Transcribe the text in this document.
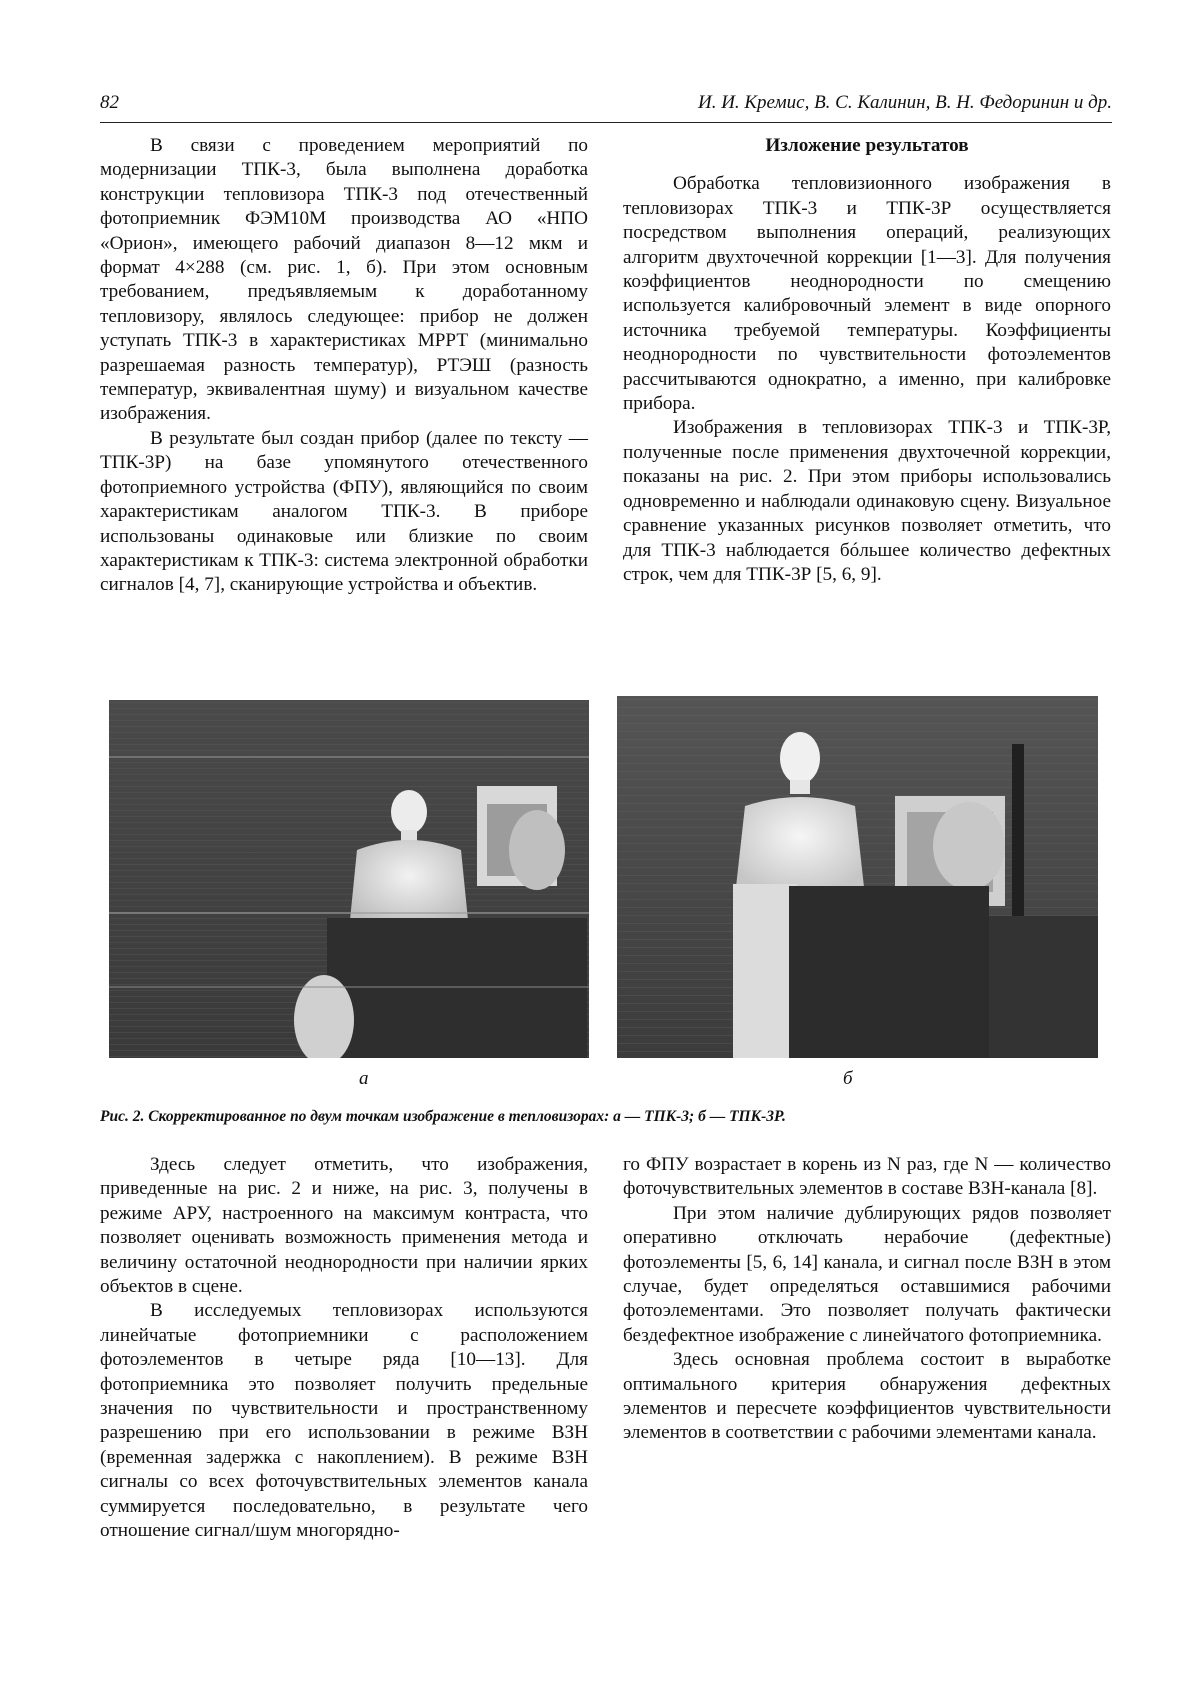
82	И. И. Кремис, В. С. Калинин, В. Н. Федоринин и др.

В связи с проведением мероприятий по модернизации ТПК-3, была выполнена доработка конструкции тепловизора ТПК-3 под отечественный фотоприемник ФЭМ10М производства АО «НПО «Орион», имеющего рабочий диапазон 8—12 мкм и формат 4×288 (см. рис. 1, б). При этом основным требованием, предъявляемым к доработанному тепловизору, являлось следующее: прибор не должен уступать ТПК-3 в характеристиках МРРТ (минимально разрешаемая разность температур), РТЭШ (разность температур, эквивалентная шуму) и визуальном качестве изображения.

В результате был создан прибор (далее по тексту — ТПК-3Р) на базе упомянутого отечественного фотоприемного устройства (ФПУ), являющийся по своим характеристикам аналогом ТПК-3. В приборе использованы одинаковые или близкие по своим характеристикам к ТПК-3: система электронной обработки сигналов [4, 7], сканирующие устройства и объектив.

Изложение результатов

Обработка тепловизионного изображения в тепловизорах ТПК-3 и ТПК-3Р осуществляется посредством выполнения операций, реализующих алгоритм двухточечной коррекции [1—3]. Для получения коэффициентов неоднородности по смещению используется калибровочный элемент в виде опорного источника требуемой температуры. Коэффициенты неоднородности по чувствительности фотоэлементов рассчитываются однократно, а именно, при калибровке прибора.

Изображения в тепловизорах ТПК-3 и ТПК-3Р, полученные после применения двухточечной коррекции, показаны на рис. 2. При этом приборы использовались одновременно и наблюдали одинаковую сцену. Визуальное сравнение указанных рисунков позволяет отметить, что для ТПК-3 наблюдается бóльшее количество дефектных строк, чем для ТПК-3Р [5, 6, 9].

а	б
Рис. 2. Скорректированное по двум точкам изображение в тепловизорах: а — ТПК-3; б — ТПК-3Р.

Здесь следует отметить, что изображения, приведенные на рис. 2 и ниже, на рис. 3, получены в режиме АРУ, настроенного на максимум контраста, что позволяет оценивать возможность применения метода и величину остаточной неоднородности при наличии ярких объектов в сцене.

В исследуемых тепловизорах используются линейчатые фотоприемники с расположением фотоэлементов в четыре ряда [10—13]. Для фотоприемника это позволяет получить предельные значения по чувствительности и пространственному разрешению при его использовании в режиме ВЗН (временная задержка с накоплением). В режиме ВЗН сигналы со всех фоточувствительных элементов канала суммируется последовательно, в результате чего отношение сигнал/шум многорядно-

го ФПУ возрастает в корень из N раз, где N — количество фоточувствительных элементов в составе ВЗН-канала [8].

При этом наличие дублирующих рядов позволяет оперативно отключать нерабочие (дефектные) фотоэлементы [5, 6, 14] канала, и сигнал после ВЗН в этом случае, будет определяться оставшимися рабочими фотоэлементами. Это позволяет получать фактически бездефектное изображение с линейчатого фотоприемника.

Здесь основная проблема состоит в выработке оптимального критерия обнаружения дефектных элементов и пересчете коэффициентов чувствительности элементов в соответствии с рабочими элементами канала.
